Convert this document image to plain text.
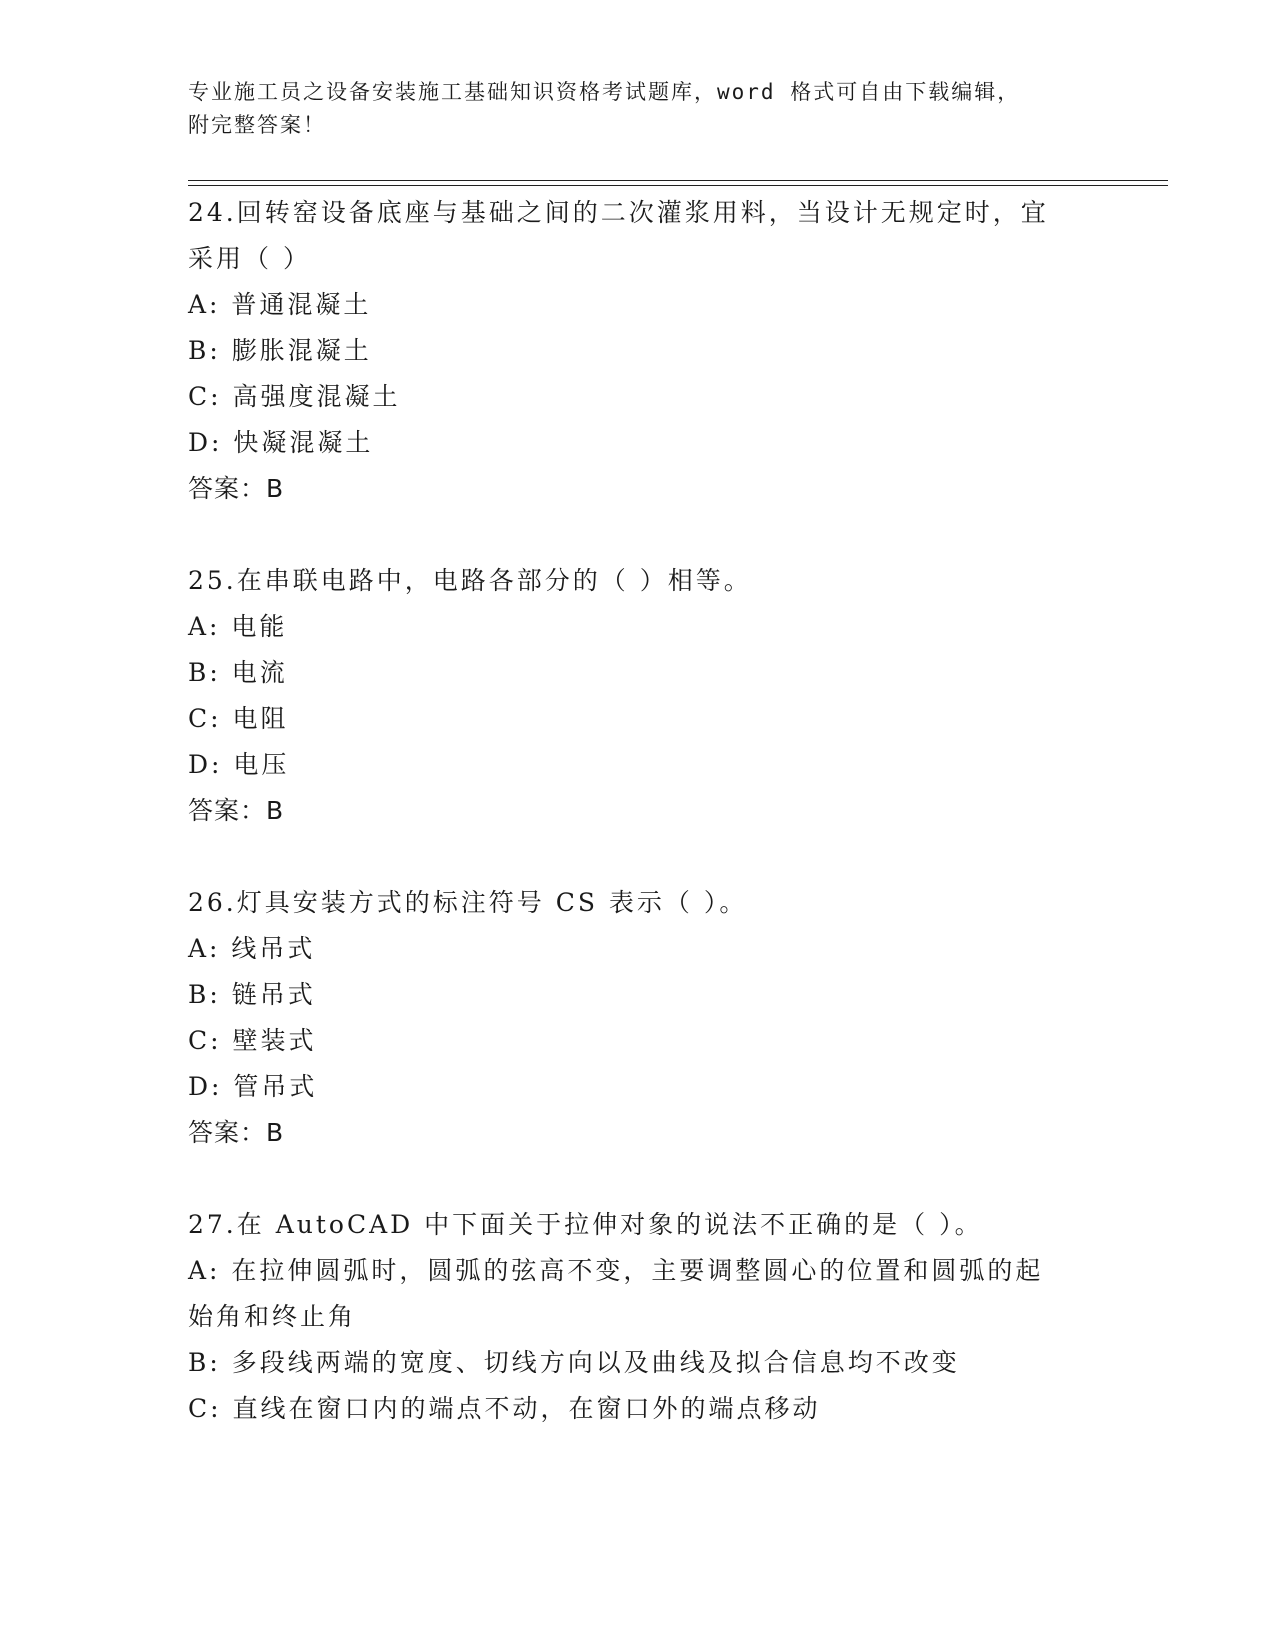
专业施工员之设备安装施工基础知识资格考试题库，word 格式可自由下载编辑，
附完整答案！
24.回转窑设备底座与基础之间的二次灌浆用料，当设计无规定时，宜
采用（ ）
A: 普通混凝土
B: 膨胀混凝土
C: 高强度混凝土
D: 快凝混凝土
答案：B
25.在串联电路中，电路各部分的（ ）相等。
A: 电能
B: 电流
C: 电阻
D: 电压
答案：B
26.灯具安装方式的标注符号 CS 表示（ ）。
A: 线吊式
B: 链吊式
C: 壁装式
D: 管吊式
答案：B
27.在 AutoCAD 中下面关于拉伸对象的说法不正确的是（ ）。
A: 在拉伸圆弧时，圆弧的弦高不变，主要调整圆心的位置和圆弧的起
始角和终止角
B: 多段线两端的宽度、切线方向以及曲线及拟合信息均不改变
C: 直线在窗口内的端点不动，在窗口外的端点移动
